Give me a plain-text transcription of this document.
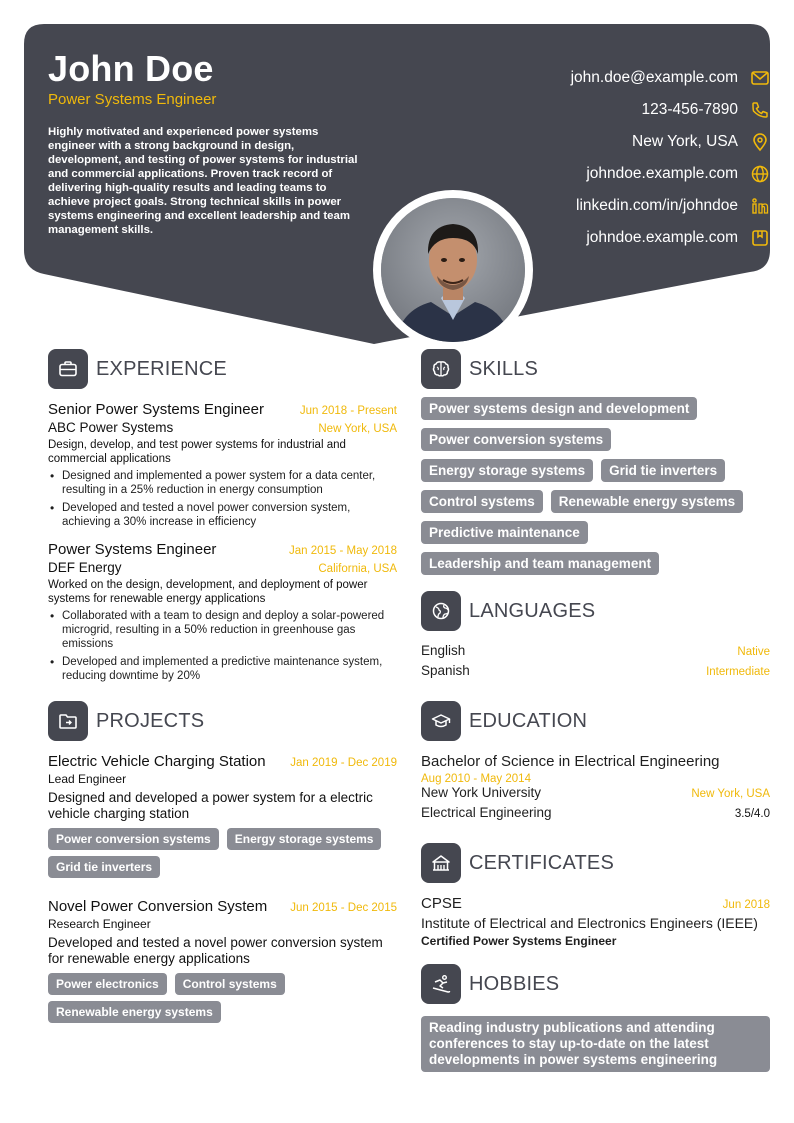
John Doe
Power Systems Engineer
Highly motivated and experienced power systems engineer with a strong background in design, development, and testing of power systems for industrial and commercial applications. Proven track record of delivering high-quality results and leading teams to achieve project goals. Strong technical skills in power systems engineering and excellent leadership and team management skills.
john.doe@example.com
123-456-7890
New York, USA
johndoe.example.com
linkedin.com/in/johndoe
johndoe.example.com
EXPERIENCE
Senior Power Systems Engineer	Jun 2018 - Present
ABC Power Systems	New York, USA
Design, develop, and test power systems for industrial and commercial applications
• Designed and implemented a power system for a data center, resulting in a 25% reduction in energy consumption
• Developed and tested a novel power conversion system, achieving a 30% increase in efficiency
Power Systems Engineer	Jan 2015 - May 2018
DEF Energy	California, USA
Worked on the design, development, and deployment of power systems for renewable energy applications
• Collaborated with a team to design and deploy a solar-powered microgrid, resulting in a 50% reduction in greenhouse gas emissions
• Developed and implemented a predictive maintenance system, reducing downtime by 20%
PROJECTS
Electric Vehicle Charging Station Jan 2019 - Dec 2019
Lead Engineer
Designed and developed a power system for a electric vehicle charging station
Power conversion systems	Energy storage systems
Grid tie inverters
Novel Power Conversion System Jun 2015 - Dec 2015
Research Engineer
Developed and tested a novel power conversion system for renewable energy applications
Power electronics	Control systems
Renewable energy systems
SKILLS
Power systems design and development
Power conversion systems
Energy storage systems	Grid tie inverters
Control systems	Renewable energy systems
Predictive maintenance
Leadership and team management
LANGUAGES
English	Native
Spanish	Intermediate
EDUCATION
Bachelor of Science in Electrical Engineering
Aug 2010 - May 2014
New York University	New York, USA
Electrical Engineering	3.5/4.0
CERTIFICATES
CPSE	Jun 2018
Institute of Electrical and Electronics Engineers (IEEE)
Certified Power Systems Engineer
HOBBIES
Reading industry publications and attending conferences to stay up-to-date on the latest developments in power systems engineering
